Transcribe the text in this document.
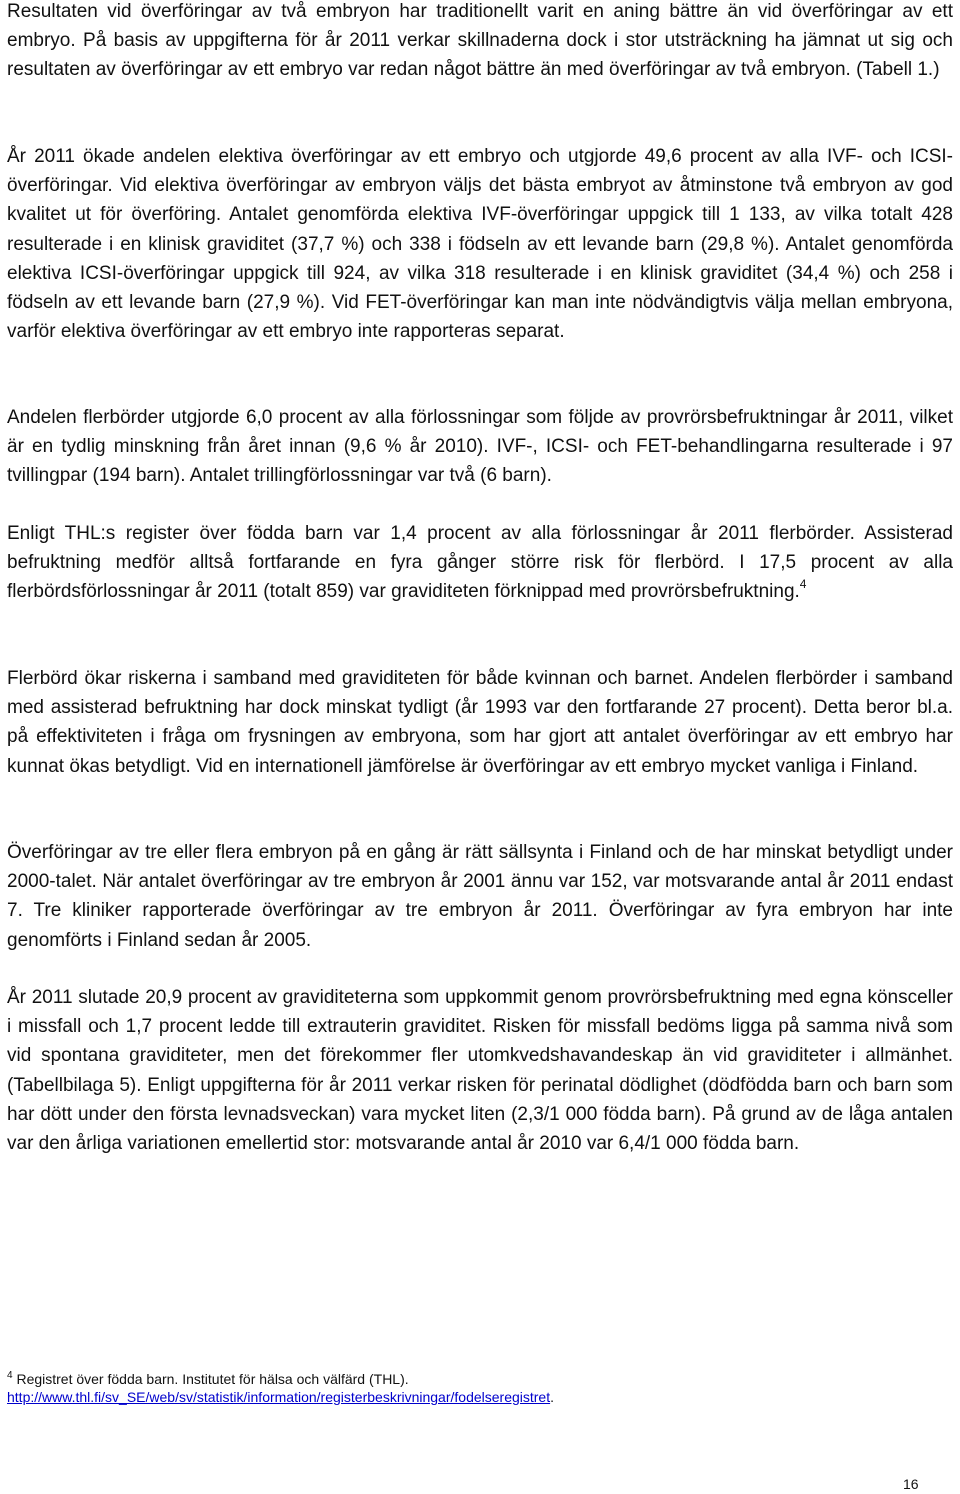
Resultaten vid överföringar av två embryon har traditionellt varit en aning bättre än vid överföringar av ett embryo. På basis av uppgifterna för år 2011 verkar skillnaderna dock i stor utsträckning ha jämnat ut sig och resultaten av överföringar av ett embryo var redan något bättre än med överföringar av två embryon. (Tabell 1.)

År 2011 ökade andelen elektiva överföringar av ett embryo och utgjorde 49,6 procent av alla IVF- och ICSI-överföringar. Vid elektiva överföringar av embryon väljs det bästa embryot av åtminstone två embryon av god kvalitet ut för överföring. Antalet genomförda elektiva IVF-överföringar uppgick till 1 133, av vilka totalt 428 resulterade i en klinisk graviditet (37,7 %) och 338 i födseln av ett levande barn (29,8 %). Antalet genomförda elektiva ICSI-överföringar uppgick till 924, av vilka 318 resulterade i en klinisk graviditet (34,4 %) och 258 i födseln av ett levande barn (27,9 %). Vid FET-överföringar kan man inte nödvändigtvis välja mellan embryona, varför elektiva överföringar av ett embryo inte rapporteras separat.

Andelen flerbörder utgjorde 6,0 procent av alla förlossningar som följde av provrörsbefruktningar år 2011, vilket är en tydlig minskning från året innan (9,6 % år 2010). IVF-, ICSI- och FET-behandlingarna resulterade i 97 tvillingpar (194 barn). Antalet trillingförlossningar var två (6 barn).

Enligt THL:s register över födda barn var 1,4 procent av alla förlossningar år 2011 flerbörder. Assisterad befruktning medför alltså fortfarande en fyra gånger större risk för flerbörd. I 17,5 procent av alla flerbördsförlossningar år 2011 (totalt 859) var graviditeten förknippad med provrörsbefruktning.$^4$

Flerbörd ökar riskerna i samband med graviditeten för både kvinnan och barnet. Andelen flerbörder i samband med assisterad befruktning har dock minskat tydligt (år 1993 var den fortfarande 27 procent). Detta beror bl.a. på effektiviteten i fråga om frysningen av embryona, som har gjort att antalet överföringar av ett embryo har kunnat ökas betydligt. Vid en internationell jämförelse är överföringar av ett embryo mycket vanliga i Finland.

Överföringar av tre eller flera embryon på en gång är rätt sällsynta i Finland och de har minskat betydligt under 2000-talet. När antalet överföringar av tre embryon år 2001 ännu var 152, var motsvarande antal år 2011 endast 7. Tre kliniker rapporterade överföringar av tre embryon år 2011. Överföringar av fyra embryon har inte genomförts i Finland sedan år 2005.

År 2011 slutade 20,9 procent av graviditeterna som uppkommit genom provrörsbefruktning med egna könsceller i missfall och 1,7 procent ledde till extrauterin graviditet. Risken för missfall bedöms ligga på samma nivå som vid spontana graviditeter, men det förekommer fler utomkvedshavandeskap än vid graviditeter i allmänhet. (Tabellbilaga 5). Enligt uppgifterna för år 2011 verkar risken för perinatal dödlighet (dödfödda barn och barn som har dött under den första levnadsveckan) vara mycket liten (2,3/1 000 födda barn). På grund av de låga antalen var den årliga variationen emellertid stor: motsvarande antal år 2010 var 6,4/1 000 födda barn.

$^4$ Registret över födda barn. Institutet för hälsa och välfärd (THL).
http://www.thl.fi/sv_SE/web/sv/statistik/information/registerbeskrivningar/fodelseregistret.
16
